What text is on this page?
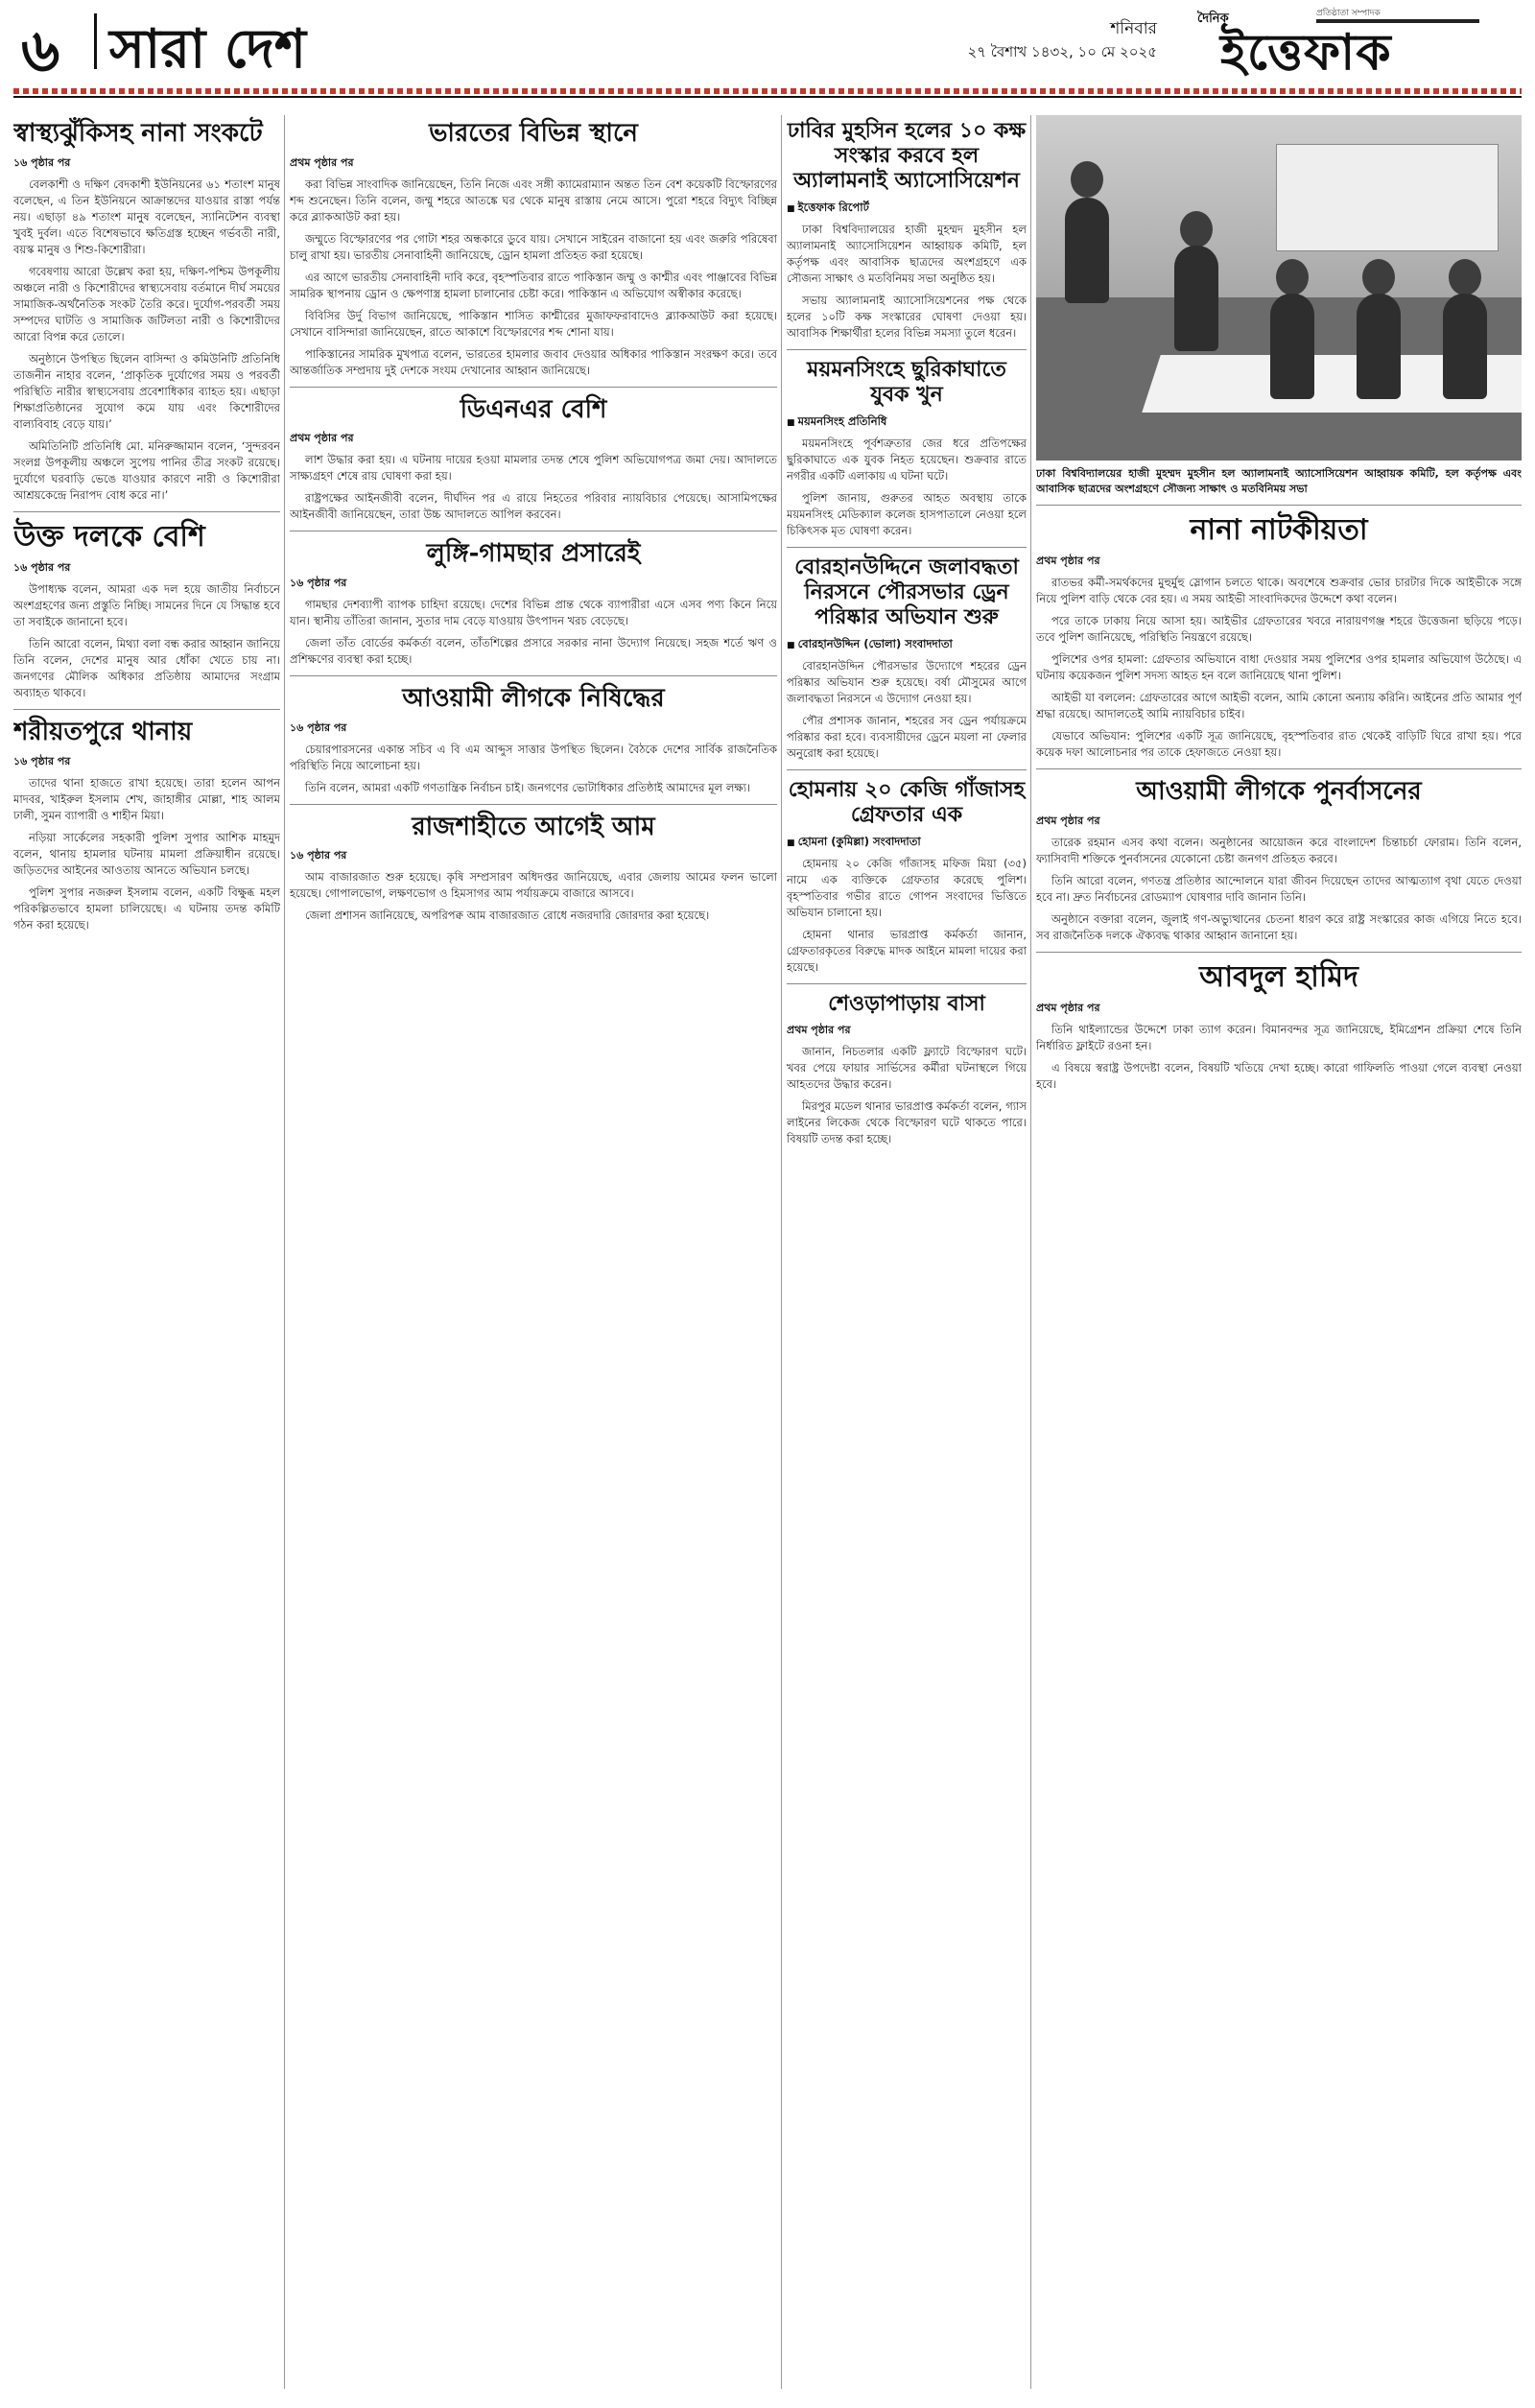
৬ সারা দেশ	শনিবার
২৭ বৈশাখ ১৪৩২, ১০ মে ২০২৫
দৈনিক	প্রতিষ্ঠাতা সম্পাদক
ইত্তেফাক
স্বাস্থ্যঝুঁকিসহ নানা সংকটে
১৬ পৃষ্ঠার পর

বেলকাশী ও দক্ষিণ বেদকাশী ইউনিয়নের ৬১ শতাংশ মানুষ বলেছেন, এ তিন ইউনিয়নে আক্রান্তদের যাওয়ার রাস্তা পর্যন্ত নয়। এছাড়া ৪৯ শতাংশ মানুষ বলেছেন, স্যানিটেশন ব্যবস্থা খুবই দুর্বল। এতে বিশেষভাবে ক্ষতিগ্রস্ত হচ্ছেন গর্ভবতী নারী, বয়স্ক মানুষ ও শিশু-কিশোরীরা।

গবেষণায় আরো উল্লেখ করা হয়, দক্ষিণ-পশ্চিম উপকূলীয় অঞ্চলে নারী ও কিশোরীদের স্বাস্থ্যসেবায় বর্তমানে দীর্ঘ সময়ের সামাজিক-অর্থনৈতিক সংকট তৈরি করে। দুর্যোগ-পরবর্তী সময় সম্পদের ঘাটতি ও সামাজিক জটিলতা নারী ও কিশোরীদের আরো বিপন্ন করে তোলে।

অনুষ্ঠানে উপস্থিত ছিলেন বাসিন্দা ও কমিউনিটি প্রতিনিধি তাজনীন নাহার বলেন, ‘প্রাকৃতিক দুর্যোগের সময় ও পরবর্তী পরিস্থিতি নারীর স্বাস্থ্যসেবায় প্রবেশাধিকার ব্যাহত হয়। এছাড়া শিক্ষাপ্রতিষ্ঠানের সুযোগ কমে যায় এবং কিশোরীদের বাল্যবিবাহ বেড়ে যায়।’

অমিতিনিটি প্রতিনিধি মো. মনিরুজ্জামান বলেন, ‘সুন্দরবন সংলগ্ন উপকূলীয় অঞ্চলে সুপেয় পানির তীব্র সংকট রয়েছে। দুর্যোগে ঘরবাড়ি ভেঙে যাওয়ার কারণে নারী ও কিশোরীরা আশ্রয়কেন্দ্রে নিরাপদ বোধ করে না।’

উক্ত দলকে বেশি
১৬ পৃষ্ঠার পর

উপাধ্যক্ষ বলেন, আমরা এক দল হয়ে জাতীয় নির্বাচনে অংশগ্রহণের জন্য প্রস্তুতি নিচ্ছি। সামনের দিনে যে সিদ্ধান্ত হবে তা সবাইকে জানানো হবে।

তিনি আরো বলেন, মিথ্যা বলা বন্ধ করার আহ্বান জানিয়ে তিনি বলেন, দেশের মানুষ আর ধোঁকা খেতে চায় না। জনগণের মৌলিক অধিকার প্রতিষ্ঠায় আমাদের সংগ্রাম অব্যাহত থাকবে।

শরীয়তপুরে থানায়
১৬ পৃষ্ঠার পর

তাদের থানা হাজতে রাখা হয়েছে। তারা হলেন আপন মাদবর, খাইরুল ইসলাম শেখ, জাহাঙ্গীর মোল্লা, শাহ আলম ঢালী, সুমন ব্যাপারী ও শাহীন মিয়া।

নড়িয়া সার্কেলের সহকারী পুলিশ সুপার আশিক মাহমুদ বলেন, থানায় হামলার ঘটনায় মামলা প্রক্রিয়াধীন রয়েছে। জড়িতদের আইনের আওতায় আনতে অভিযান চলছে।

পুলিশ সুপার নজরুল ইসলাম বলেন, একটি বিক্ষুব্ধ মহল পরিকল্পিতভাবে হামলা চালিয়েছে। এ ঘটনায় তদন্ত কমিটি গঠন করা হয়েছে।

ভারতের বিভিন্ন স্থানে
প্রথম পৃষ্ঠার পর

করা বিভিন্ন সাংবাদিক জানিয়েছেন, তিনি নিজে এবং সঙ্গী ক্যামেরাম্যান অন্তত তিন বেশ কয়েকটি বিস্ফোরণের শব্দ শুনেছেন। তিনি বলেন, জম্মু শহরে আতঙ্কে ঘর থেকে মানুষ রাস্তায় নেমে আসে। পুরো শহরে বিদ্যুৎ বিচ্ছিন্ন করে ব্ল্যাকআউট করা হয়।

জম্মুতে বিস্ফোরণের পর গোটা শহর অন্ধকারে ডুবে যায়। সেখানে সাইরেন বাজানো হয় এবং জরুরি পরিষেবা চালু রাখা হয়। ভারতীয় সেনাবাহিনী জানিয়েছে, ড্রোন হামলা প্রতিহত করা হয়েছে।

এর আগে ভারতীয় সেনাবাহিনী দাবি করে, বৃহস্পতিবার রাতে পাকিস্তান জম্মু ও কাশ্মীর এবং পাঞ্জাবের বিভিন্ন সামরিক স্থাপনায় ড্রোন ও ক্ষেপণাস্ত্র হামলা চালানোর চেষ্টা করে। পাকিস্তান এ অভিযোগ অস্বীকার করেছে।

বিবিসির উর্দু বিভাগ জানিয়েছে, পাকিস্তান শাসিত কাশ্মীরের মুজাফফরাবাদেও ব্ল্যাকআউট করা হয়েছে। সেখানে বাসিন্দারা জানিয়েছেন, রাতে আকাশে বিস্ফোরণের শব্দ শোনা যায়।

পাকিস্তানের সামরিক মুখপাত্র বলেন, ভারতের হামলার জবাব দেওয়ার অধিকার পাকিস্তান সংরক্ষণ করে। তবে আন্তর্জাতিক সম্প্রদায় দুই দেশকে সংযম দেখানোর আহ্বান জানিয়েছে।

ডিএনএর বেশি
প্রথম পৃষ্ঠার পর

লাশ উদ্ধার করা হয়। এ ঘটনায় দায়ের হওয়া মামলার তদন্ত শেষে পুলিশ অভিযোগপত্র জমা দেয়। আদালতে সাক্ষ্যগ্রহণ শেষে রায় ঘোষণা করা হয়।

রাষ্ট্রপক্ষের আইনজীবী বলেন, দীর্ঘদিন পর এ রায়ে নিহতের পরিবার ন্যায়বিচার পেয়েছে। আসামিপক্ষের আইনজীবী জানিয়েছেন, তারা উচ্চ আদালতে আপিল করবেন।

লুঙ্গি-গামছার প্রসারেই
১৬ পৃষ্ঠার পর

গামছার দেশব্যাপী ব্যাপক চাহিদা রয়েছে। দেশের বিভিন্ন প্রান্ত থেকে ব্যাপারীরা এসে এসব পণ্য কিনে নিয়ে যান। স্থানীয় তাঁতিরা জানান, সুতার দাম বেড়ে যাওয়ায় উৎপাদন খরচ বেড়েছে।

জেলা তাঁত বোর্ডের কর্মকর্তা বলেন, তাঁতশিল্পের প্রসারে সরকার নানা উদ্যোগ নিয়েছে। সহজ শর্তে ঋণ ও প্রশিক্ষণের ব্যবস্থা করা হচ্ছে।

আওয়ামী লীগকে নিষিদ্ধের
১৬ পৃষ্ঠার পর

চেয়ারপারসনের একান্ত সচিব এ বি এম আব্দুস সাত্তার উপস্থিত ছিলেন। বৈঠকে দেশের সার্বিক রাজনৈতিক পরিস্থিতি নিয়ে আলোচনা হয়।

তিনি বলেন, আমরা একটি গণতান্ত্রিক নির্বাচন চাই। জনগণের ভোটাধিকার প্রতিষ্ঠাই আমাদের মূল লক্ষ্য।

রাজশাহীতে আগেই আম
১৬ পৃষ্ঠার পর

আম বাজারজাত শুরু হয়েছে। কৃষি সম্প্রসারণ অধিদপ্তর জানিয়েছে, এবার জেলায় আমের ফলন ভালো হয়েছে। গোপালভোগ, লক্ষণভোগ ও হিমসাগর আম পর্যায়ক্রমে বাজারে আসবে।

জেলা প্রশাসন জানিয়েছে, অপরিপক্ব আম বাজারজাত রোধে নজরদারি জোরদার করা হয়েছে।

ঢাবির মুহসিন হলের ১০ কক্ষ সংস্কার করবে হল অ্যালামনাই অ্যাসোসিয়েশন
■ ইত্তেফাক রিপোর্ট

ঢাকা বিশ্ববিদ্যালয়ের হাজী মুহম্মদ মুহসীন হল অ্যালামনাই অ্যাসোসিয়েশন আহ্বায়ক কমিটি, হল কর্তৃপক্ষ এবং আবাসিক ছাত্রদের অংশগ্রহণে এক সৌজন্য সাক্ষাৎ ও মতবিনিময় সভা অনুষ্ঠিত হয়।

সভায় অ্যালামনাই অ্যাসোসিয়েশনের পক্ষ থেকে হলের ১০টি কক্ষ সংস্কারের ঘোষণা দেওয়া হয়। আবাসিক শিক্ষার্থীরা হলের বিভিন্ন সমস্যা তুলে ধরেন।

ময়মনসিংহে ছুরিকাঘাতে যুবক খুন
■ ময়মনসিংহ প্রতিনিধি

ময়মনসিংহে পূর্বশত্রুতার জের ধরে প্রতিপক্ষের ছুরিকাঘাতে এক যুবক নিহত হয়েছেন। শুক্রবার রাতে নগরীর একটি এলাকায় এ ঘটনা ঘটে।

পুলিশ জানায়, গুরুতর আহত অবস্থায় তাকে ময়মনসিংহ মেডিক্যাল কলেজ হাসপাতালে নেওয়া হলে চিকিৎসক মৃত ঘোষণা করেন।

বোরহানউদ্দিনে জলাবদ্ধতা নিরসনে পৌরসভার ড্রেন পরিষ্কার অভিযান শুরু
■ বোরহানউদ্দিন (ভোলা) সংবাদদাতা

বোরহানউদ্দিন পৌরসভার উদ্যোগে শহরের ড্রেন পরিষ্কার অভিযান শুরু হয়েছে। বর্ষা মৌসুমের আগে জলাবদ্ধতা নিরসনে এ উদ্যোগ নেওয়া হয়।

পৌর প্রশাসক জানান, শহরের সব ড্রেন পর্যায়ক্রমে পরিষ্কার করা হবে। ব্যবসায়ীদের ড্রেনে ময়লা না ফেলার অনুরোধ করা হয়েছে।

হোমনায় ২০ কেজি গাঁজাসহ গ্রেফতার এক
■ হোমনা (কুমিল্লা) সংবাদদাতা

হোমনায় ২০ কেজি গাঁজাসহ মফিজ মিয়া (৩৫) নামে এক ব্যক্তিকে গ্রেফতার করেছে পুলিশ। বৃহস্পতিবার গভীর রাতে গোপন সংবাদের ভিত্তিতে অভিযান চালানো হয়।

হোমনা থানার ভারপ্রাপ্ত কর্মকর্তা জানান, গ্রেফতারকৃতের বিরুদ্ধে মাদক আইনে মামলা দায়ের করা হয়েছে।

শেওড়াপাড়ায় বাসা
প্রথম পৃষ্ঠার পর

জানান, নিচতলার একটি ফ্ল্যাটে বিস্ফোরণ ঘটে। খবর পেয়ে ফায়ার সার্ভিসের কর্মীরা ঘটনাস্থলে গিয়ে আহতদের উদ্ধার করেন।

মিরপুর মডেল থানার ভারপ্রাপ্ত কর্মকর্তা বলেন, গ্যাস লাইনের লিকেজ থেকে বিস্ফোরণ ঘটে থাকতে পারে। বিষয়টি তদন্ত করা হচ্ছে।

ঢাকা বিশ্ববিদ্যালয়ের হাজী মুহম্মদ মুহসীন হল অ্যালামনাই অ্যাসোসিয়েশন আহ্বায়ক কমিটি, হল কর্তৃপক্ষ এবং আবাসিক ছাত্রদের অংশগ্রহণে সৌজন্য সাক্ষাৎ ও মতবিনিময় সভা
নানা নাটকীয়তা
প্রথম পৃষ্ঠার পর

রাতভর কর্মী-সমর্থকদের মুহুর্মুহু স্লোগান চলতে থাকে। অবশেষে শুক্রবার ভোর চারটার দিকে আইভীকে সঙ্গে নিয়ে পুলিশ বাড়ি থেকে বের হয়। এ সময় আইভী সাংবাদিকদের উদ্দেশে কথা বলেন।

পরে তাকে ঢাকায় নিয়ে আসা হয়। আইভীর গ্রেফতারের খবরে নারায়ণগঞ্জ শহরে উত্তেজনা ছড়িয়ে পড়ে। তবে পুলিশ জানিয়েছে, পরিস্থিতি নিয়ন্ত্রণে রয়েছে।

পুলিশের ওপর হামলা: গ্রেফতার অভিযানে বাধা দেওয়ার সময় পুলিশের ওপর হামলার অভিযোগ উঠেছে। এ ঘটনায় কয়েকজন পুলিশ সদস্য আহত হন বলে জানিয়েছে থানা পুলিশ।

আইভী যা বললেন: গ্রেফতারের আগে আইভী বলেন, আমি কোনো অন্যায় করিনি। আইনের প্রতি আমার পূর্ণ শ্রদ্ধা রয়েছে। আদালতেই আমি ন্যায়বিচার চাইব।

যেভাবে অভিযান: পুলিশের একটি সূত্র জানিয়েছে, বৃহস্পতিবার রাত থেকেই বাড়িটি ঘিরে রাখা হয়। পরে কয়েক দফা আলোচনার পর তাকে হেফাজতে নেওয়া হয়।

আওয়ামী লীগকে পুনর্বাসনের
প্রথম পৃষ্ঠার পর

তারেক রহমান এসব কথা বলেন। অনুষ্ঠানের আয়োজন করে বাংলাদেশ চিন্তাচর্চা ফোরাম। তিনি বলেন, ফ্যাসিবাদী শক্তিকে পুনর্বাসনের যেকোনো চেষ্টা জনগণ প্রতিহত করবে।

তিনি আরো বলেন, গণতন্ত্র প্রতিষ্ঠার আন্দোলনে যারা জীবন দিয়েছেন তাদের আত্মত্যাগ বৃথা যেতে দেওয়া হবে না। দ্রুত নির্বাচনের রোডম্যাপ ঘোষণার দাবি জানান তিনি।

অনুষ্ঠানে বক্তারা বলেন, জুলাই গণ-অভ্যুত্থানের চেতনা ধারণ করে রাষ্ট্র সংস্কারের কাজ এগিয়ে নিতে হবে। সব রাজনৈতিক দলকে ঐক্যবদ্ধ থাকার আহ্বান জানানো হয়।

আবদুল হামিদ
প্রথম পৃষ্ঠার পর

তিনি থাইল্যান্ডের উদ্দেশে ঢাকা ত্যাগ করেন। বিমানবন্দর সূত্র জানিয়েছে, ইমিগ্রেশন প্রক্রিয়া শেষে তিনি নির্ধারিত ফ্লাইটে রওনা হন।

এ বিষয়ে স্বরাষ্ট্র উপদেষ্টা বলেন, বিষয়টি খতিয়ে দেখা হচ্ছে। কারো গাফিলতি পাওয়া গেলে ব্যবস্থা নেওয়া হবে।
